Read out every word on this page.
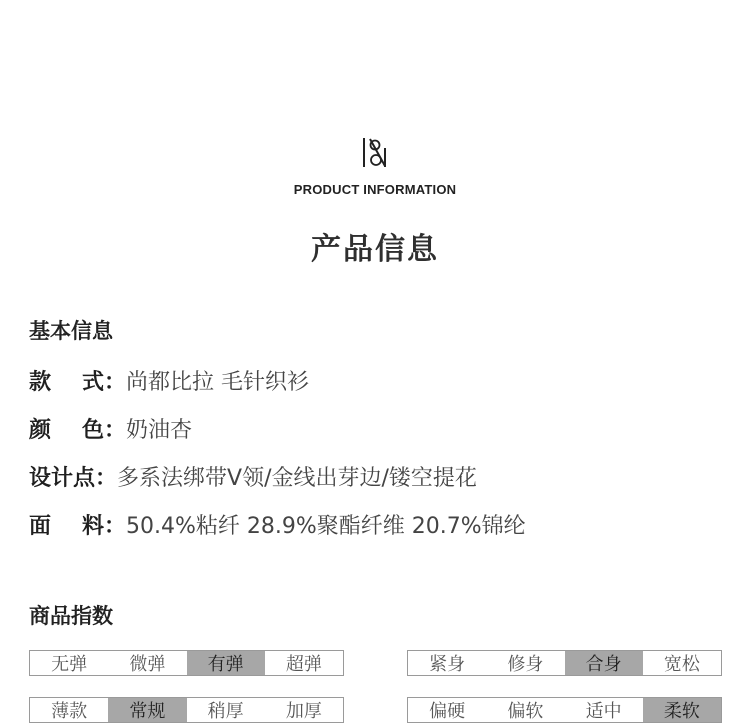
PRODUCT INFORMATION
产品信息
基本信息
款 式： 尚都比拉 毛针织衫
颜 色： 奶油杏
设计点： 多系法绑带V领/金线出芽边/镂空提花
面 料： 50.4%粘纤 28.9%聚酯纤维 20.7%锦纶
商品指数
无弹	微弹	有弹	超弹	紧身	修身	合身	宽松
薄款	常规	稍厚	加厚	偏硬	偏软	适中	柔软
